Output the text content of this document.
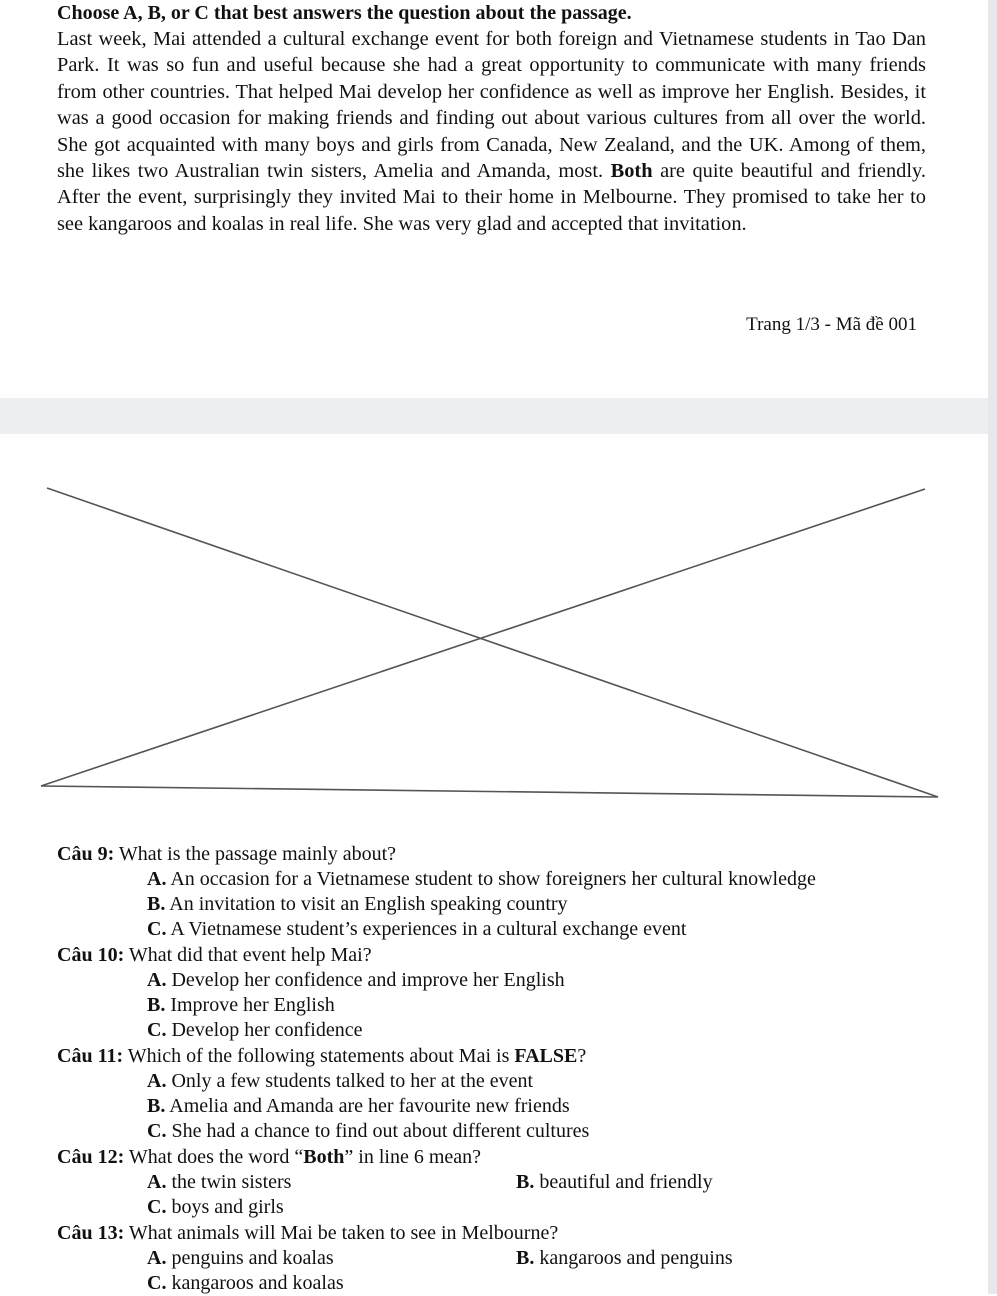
Choose A, B, or C that best answers the question about the passage.

Last week, Mai attended a cultural exchange event for both foreign and Vietnamese students in Tao Dan Park. It was so fun and useful because she had a great opportunity to communicate with many friends from other countries. That helped Mai develop her confidence as well as improve her English. Besides, it was a good occasion for making friends and finding out about various cultures from all over the world. She got acquainted with many boys and girls from Canada, New Zealand, and the UK. Among of them, she likes two Australian twin sisters, Amelia and Amanda, most. Both are quite beautiful and friendly. After the event, surprisingly they invited Mai to their home in Melbourne. They promised to take her to see kangaroos and koalas in real life. She was very glad and accepted that invitation.

Trang 1/3 - Mã đề 001
Câu 9: What is the passage mainly about?
A. An occasion for a Vietnamese student to show foreigners her cultural knowledge
B. An invitation to visit an English speaking country
C. A Vietnamese student’s experiences in a cultural exchange event
Câu 10: What did that event help Mai?
A. Develop her confidence and improve her English
B. Improve her English
C. Develop her confidence
Câu 11: Which of the following statements about Mai is FALSE?
A. Only a few students talked to her at the event
B. Amelia and Amanda are her favourite new friends
C. She had a chance to find out about different cultures
Câu 12: What does the word “Both” in line 6 mean?
A. the twin sisters	B. beautiful and friendly
C. boys and girls
Câu 13: What animals will Mai be taken to see in Melbourne?
A. penguins and koalas	B. kangaroos and penguins
C. kangaroos and koalas
